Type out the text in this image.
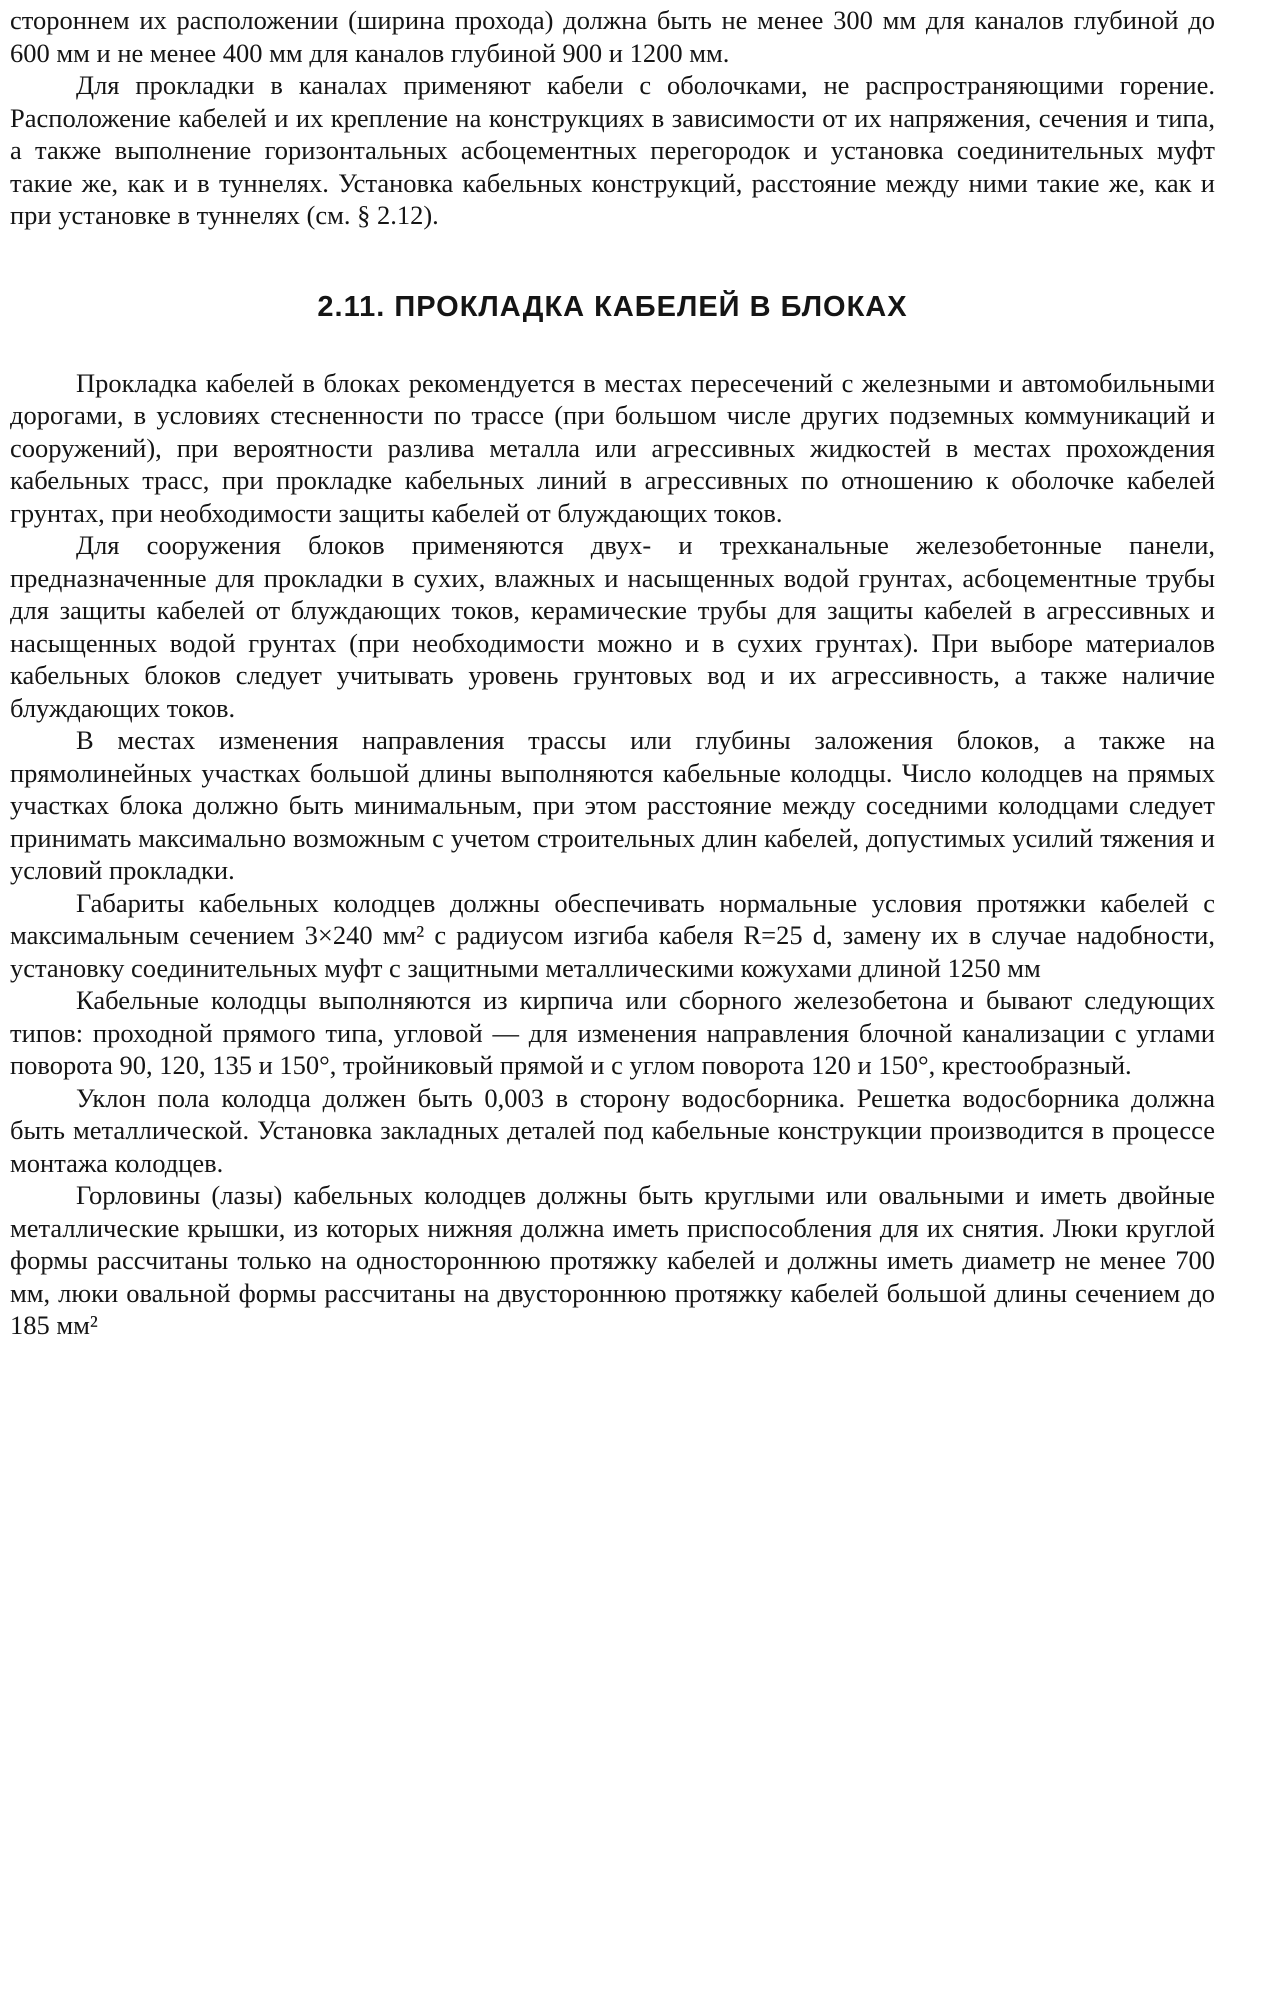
стороннем их расположении (ширина прохода) должна быть не менее 300 мм для каналов глубиной до 600 мм и не менее 400 мм для каналов глубиной 900 и 1200 мм.

Для прокладки в каналах применяют кабели с оболочками, не распространяющими горение. Расположение кабелей и их крепление на конструкциях в зависимости от их напряжения, сечения и типа, а также выполнение горизонтальных асбоцементных перегородок и установка соединительных муфт такие же, как и в туннелях. Установка кабельных конструкций, расстояние между ними такие же, как и при установке в туннелях (см. § 2.12).

2.11. ПРОКЛАДКА КАБЕЛЕЙ В БЛОКАХ

Прокладка кабелей в блоках рекомендуется в местах пересечений с железными и автомобильными дорогами, в условиях стесненности по трассе (при большом числе других подземных коммуникаций и сооружений), при вероятности разлива металла или агрессивных жидкостей в местах прохождения кабельных трасс, при прокладке кабельных линий в агрессивных по отношению к оболочке кабелей грунтах, при необходимости защиты кабелей от блуждающих токов.

Для сооружения блоков применяются двух- и трехканальные железобетонные панели, предназначенные для прокладки в сухих, влажных и насыщенных водой грунтах, асбоцементные трубы для защиты кабелей от блуждающих токов, керамические трубы для защиты кабелей в агрессивных и насыщенных водой грунтах (при необходимости можно и в сухих грунтах). При выборе материалов кабельных блоков следует учитывать уровень грунтовых вод и их агрессивность, а также наличие блуждающих токов.

В местах изменения направления трассы или глубины заложения блоков, а также на прямолинейных участках большой длины выполняются кабельные колодцы. Число колодцев на прямых участках блока должно быть минимальным, при этом расстояние между соседними колодцами следует принимать максимально возможным с учетом строительных длин кабелей, допустимых усилий тяжения и условий прокладки.

Габариты кабельных колодцев должны обеспечивать нормальные условия протяжки кабелей с максимальным сечением 3×240 мм² с радиусом изгиба кабеля R=25 d, замену их в случае надобности, установку соединительных муфт с защитными металлическими кожухами длиной 1250 мм

Кабельные колодцы выполняются из кирпича или сборного железобетона и бывают следующих типов: проходной прямого типа, угловой — для изменения направления блочной канализации с углами поворота 90, 120, 135 и 150°, тройниковый прямой и с углом поворота 120 и 150°, крестообразный.

Уклон пола колодца должен быть 0,003 в сторону водосборника. Решетка водосборника должна быть металлической. Установка закладных деталей под кабельные конструкции производится в процессе монтажа колодцев.

Горловины (лазы) кабельных колодцев должны быть круглыми или овальными и иметь двойные металлические крышки, из которых нижняя должна иметь приспособления для их снятия. Люки круглой формы рассчитаны только на одностороннюю протяжку кабелей и должны иметь диаметр не менее 700 мм, люки овальной формы рассчитаны на двустороннюю протяжку кабелей большой длины сечением до 185 мм²
